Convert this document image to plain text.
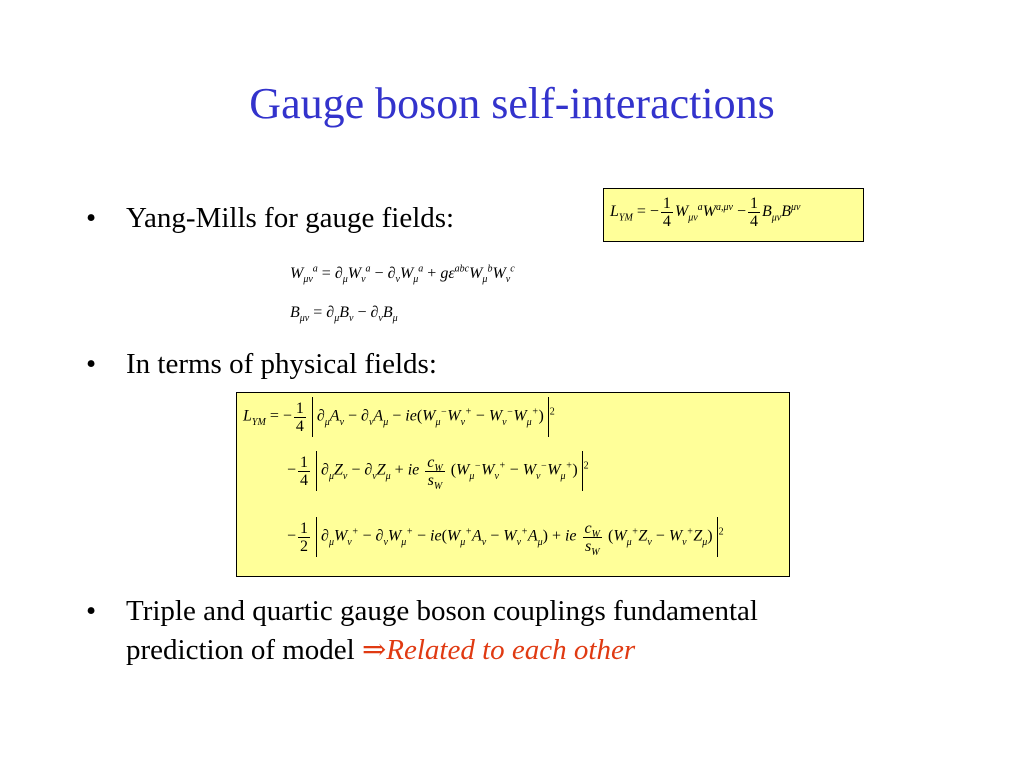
Gauge boson self-interactions
• Yang-Mills for gauge fields:	$L_{YM}$ = − $\frac{1}{4} W_{\mu\nu}^aW^{a,\mu\nu} - \frac{1}{4} B_{\mu\nu}B^{\mu\nu}$
$W_{\mu\nu}^a = \partial_\mu W_\nu^a - \partial_\nu W_\mu^a + g\varepsilon^{abc}W_\mu^bW_\nu^c$
$B_{\mu\nu} = \partial_\mu B_\nu - \partial_\nu B_\mu$
• In terms of physical fields:
$L_{YM}$ = − $\frac{1}{4} \partial_\mu A_\nu - \partial_\nu A_\mu - ie(W_\mu^-W_\nu^+ - W_\nu^-W_\mu^+)$ $^2$
− $\frac{1}{4} \partial_\mu Z_\nu - \partial_\nu Z_\mu$ + ie $\frac{c_W}{s_W} (W_\mu^-W_\nu^+ - W_\nu^-W_\mu^+)$ $^2$
− $\frac{1}{2} \partial_\mu W_\nu^+ - \partial_\nu W_\mu^+ - ie(W_\mu^+A_\nu - W_\nu^+A_\mu)$ + ie $\frac{c_W}{s_W} (W_\mu^+Z_\nu - W_\nu^+Z_\mu)$ $^2$
• Triple and quartic gauge boson couplings fundamental
prediction of model ⇒Related to each other
